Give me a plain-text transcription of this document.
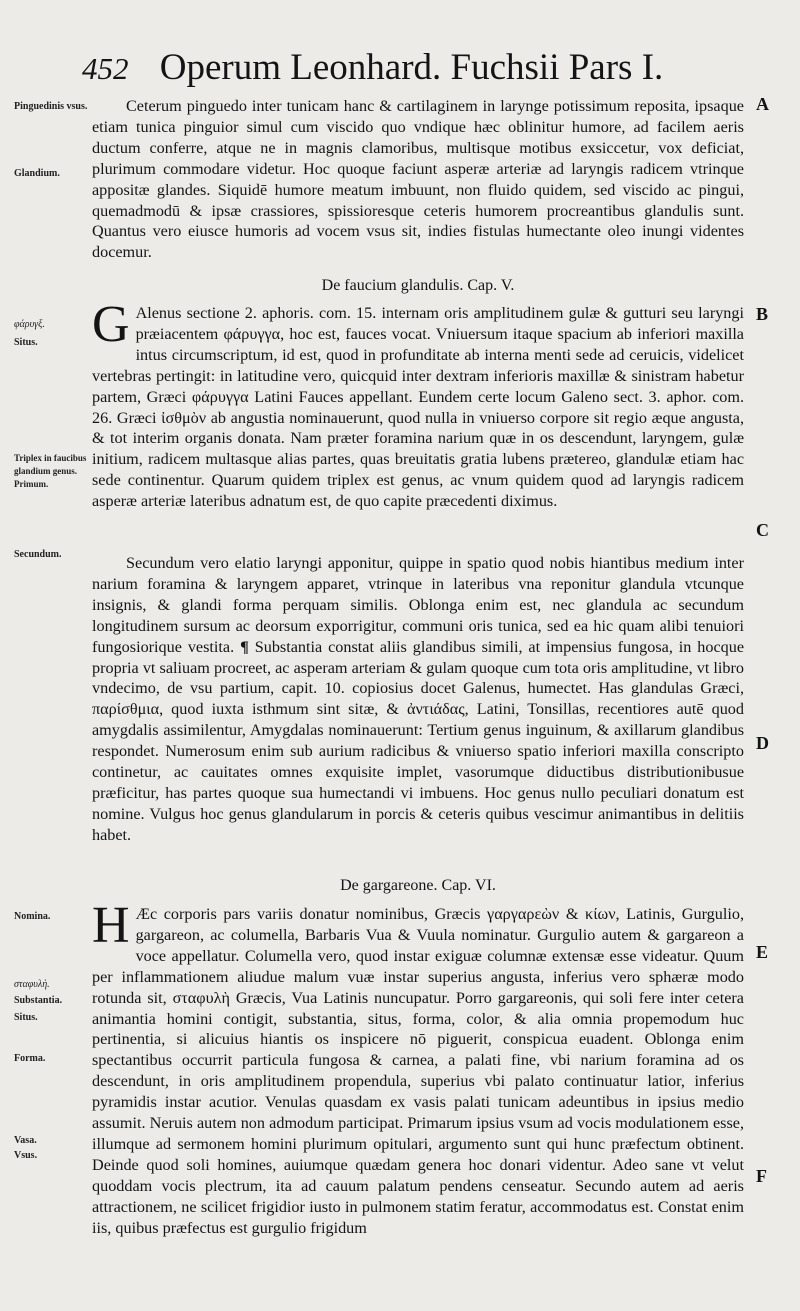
452 Operum Leonhard. Fuchsii Pars I.
Pinguedinis vsus.
Glandium.
φάρυγξ.
Situs.
Triplex in faucibus glandium genus. Primum.
Secundum.
Nomina.
σταφυλὴ.
Substantia.
Situs.
Forma.
Vasa.
Vsus.
A
B
C
D
E
F

Ceterum pinguedo inter tunicam hanc & cartilaginem in larynge potissimum reposita, ipsaque etiam tunica pinguior simul cum viscido quo vndique hæc oblinitur humore, ad facilem aeris ductum conferre, atque ne in magnis clamoribus, multisque motibus exsiccetur, vox deficiat, plurimum commodare videtur. Hoc quoque faciunt asperæ arteriæ ad laryngis radicem vtrinque appositæ glandes. Siquidē humore meatum imbuunt, non fluido quidem, sed viscido ac pingui, quemadmodū & ipsæ crassiores, spissioresque ceteris humorem procreantibus glandulis sunt. Quantus vero eiusce humoris ad vocem vsus sit, indies fistulas humectante oleo inungi videntes docemur.

De faucium glandulis. Cap. V.

G Alenus sectione 2. aphoris. com. 15. internam oris amplitudinem gulæ & gutturi seu laryngi præiacentem φάρυγγα, hoc est, fauces vocat. Vniuersum itaque spacium ab inferiori maxilla intus circumscriptum, id est, quod in profunditate ab interna menti sede ad ceruicis, videlicet vertebras pertingit: in latitudine vero, quicquid inter dextram inferioris maxillæ & sinistram habetur partem, Græci φάρυγγα Latini Fauces appellant. Eundem certe locum Galeno sect. 3. aphor. com. 26. Græci ἰσθμὸν ab angustia nominauerunt, quod nulla in vniuerso corpore sit regio æque angusta, & tot interim organis donata. Nam præter foramina narium quæ in os descendunt, laryngem, gulæ initium, radicem multasque alias partes, quas breuitatis gratia lubens prætereo, glandulæ etiam hac sede continentur. Quarum quidem triplex est genus, ac vnum quidem quod ad laryngis radicem asperæ arteriæ lateribus adnatum est, de quo capite præcedenti diximus.

Secundum vero elatio laryngi apponitur, quippe in spatio quod nobis hiantibus medium inter narium foramina & laryngem apparet, vtrinque in lateribus vna reponitur glandula vtcunque insignis, & glandi forma perquam similis. Oblonga enim est, nec glandula ac secundum longitudinem sursum ac deorsum exporrigitur, communi oris tunica, sed ea hic quam alibi tenuiori fungosiorique vestita. ¶ Substantia constat aliis glandibus simili, at impensius fungosa, in hocque propria vt saliuam procreet, ac asperam arteriam & gulam quoque cum tota oris amplitudine, vt libro vndecimo, de vsu partium, capit. 10. copiosius docet Galenus, humectet. Has glandulas Græci, παρίσθμια, quod iuxta isthmum sint sitæ, & ἀντιάδας, Latini, Tonsillas, recentiores autē quod amygdalis assimilentur, Amygdalas nominauerunt: Tertium genus inguinum, & axillarum glandibus respondet. Numerosum enim sub aurium radicibus & vniuerso spatio inferiori maxilla conscripto continetur, ac cauitates omnes exquisite implet, vasorumque diductibus distributionibusue præficitur, has partes quoque sua humectandi vi imbuens. Hoc genus nullo peculiari donatum est nomine. Vulgus hoc genus glandularum in porcis & ceteris quibus vescimur animantibus in delitiis habet.

De gargareone. Cap. VI.

H Æc corporis pars variis donatur nominibus, Græcis γαργαρεὼν & κίων, Latinis, Gurgulio, gargareon, ac columella, Barbaris Vua & Vuula nominatur. Gurgulio autem & gargareon a voce appellatur. Columella vero, quod instar exiguæ columnæ extensæ esse videatur. Quum per inflammationem aliudue malum vuæ instar superius angusta, inferius vero sphæræ modo rotunda sit, σταφυλὴ Græcis, Vua Latinis nuncupatur. Porro gargareonis, qui soli fere inter cetera animantia homini contigit, substantia, situs, forma, color, & alia omnia propemodum huc pertinentia, si alicuius hiantis os inspicere nō piguerit, conspicua euadent. Oblonga enim spectantibus occurrit particula fungosa & carnea, a palati fine, vbi narium foramina ad os descendunt, in oris amplitudinem propendula, superius vbi palato continuatur latior, inferius pyramidis instar acutior. Venulas quasdam ex vasis palati tunicam adeuntibus in ipsius medio assumit. Neruis autem non admodum participat. Primarum ipsius vsum ad vocis modulationem esse, illumque ad sermonem homini plurimum opitulari, argumento sunt qui hunc præfectum obtinent. Deinde quod soli homines, auiumque quædam genera hoc donari videntur. Adeo sane vt velut quoddam vocis plectrum, ita ad cauum palatum pendens censeatur. Secundo autem ad aeris attractionem, ne scilicet frigidior iusto in pulmonem statim feratur, accommodatus est. Constat enim iis, quibus præfectus est gurgulio frigidum
